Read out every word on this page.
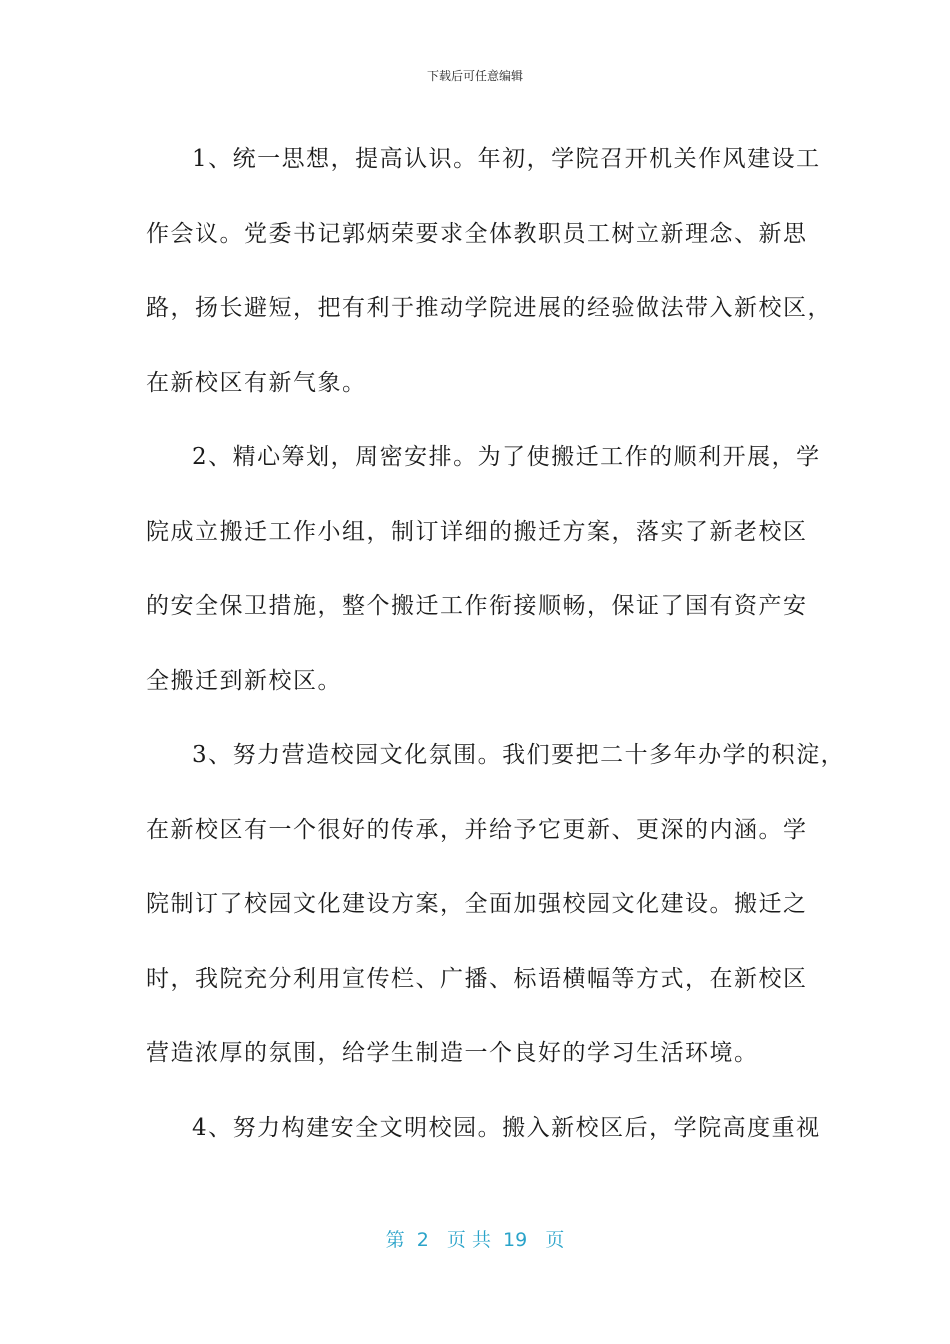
下载后可任意编辑
1、统一思想，提高认识。年初，学院召开机关作风建设工
作会议。党委书记郭炳荣要求全体教职员工树立新理念、新思
路，扬长避短，把有利于推动学院进展的经验做法带入新校区，
在新校区有新气象。
2、精心筹划，周密安排。为了使搬迁工作的顺利开展，学
院成立搬迁工作小组，制订详细的搬迁方案，落实了新老校区
的安全保卫措施，整个搬迁工作衔接顺畅，保证了国有资产安
全搬迁到新校区。
3、努力营造校园文化氛围。我们要把二十多年办学的积淀，
在新校区有一个很好的传承，并给予它更新、更深的内涵。学
院制订了校园文化建设方案，全面加强校园文化建设。搬迁之
时，我院充分利用宣传栏、广播、标语横幅等方式，在新校区
营造浓厚的氛围，给学生制造一个良好的学习生活环境。
4、努力构建安全文明校园。搬入新校区后，学院高度重视
第  2   页 共  19   页
